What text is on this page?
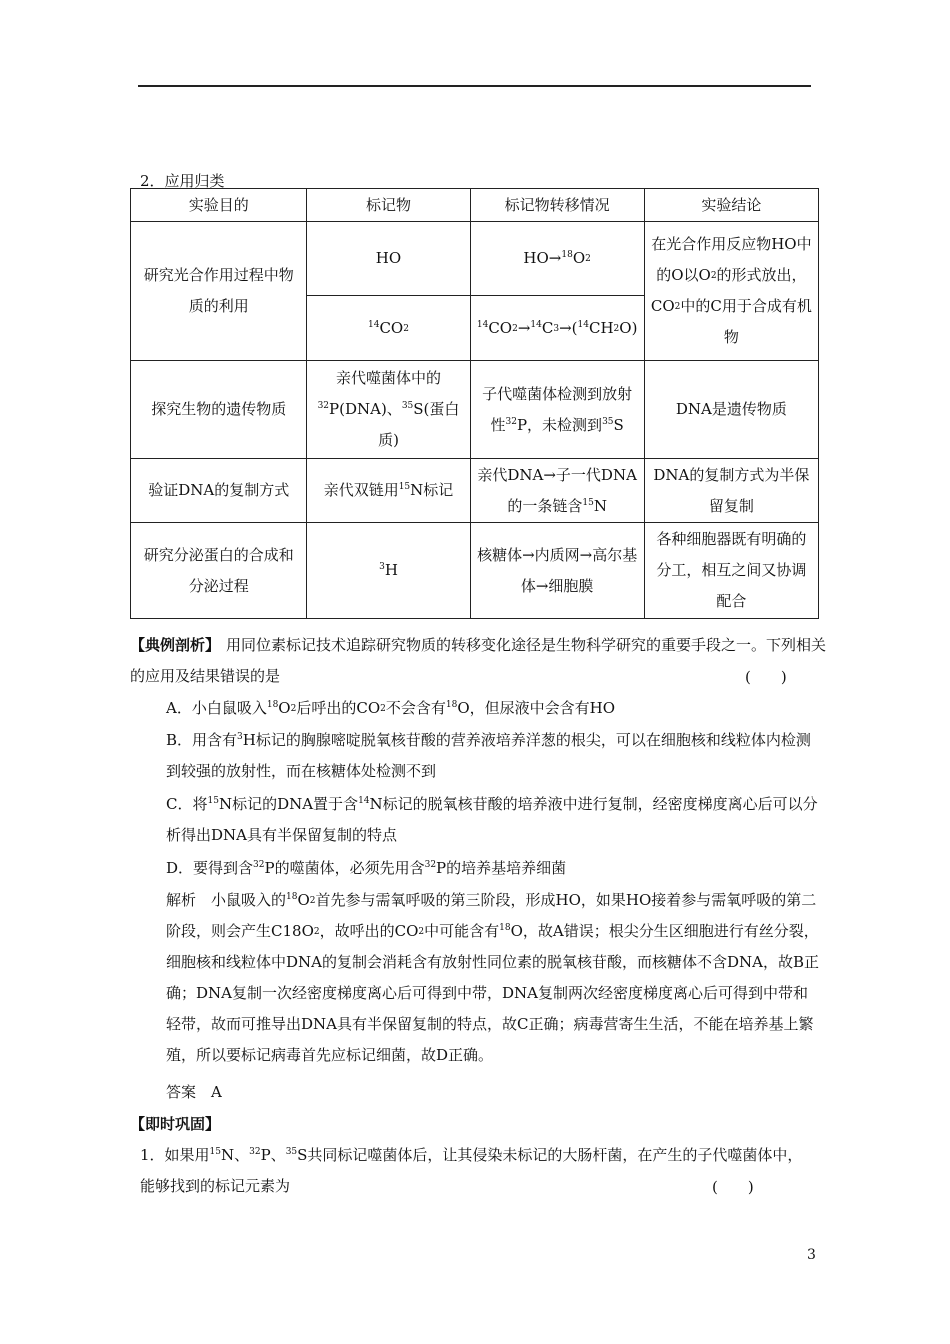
2．应用归类
实验目的	标记物	标记物转移情况	实验结论
研究光合作用过程中物质的利用	HO	$HO\to^{18}O_2$	在光合作用反应物HO中的O以$O_2$的形式放出，$CO_2$中的C用于合成有机物
	$^{14}CO_2$	$^{14}CO_2\to^{14}C_3\to(^{14}CH_2O)$	
探究生物的遗传物质	亲代噬菌体中的$^{32}$P(DNA)、$^{35}$S(蛋白质)	子代噬菌体检测到放射性$^{32}$P，未检测到$^{35}$S	DNA是遗传物质
验证DNA的复制方式	亲代双链用$^{15}$N标记	亲代DNA→子一代DNA的一条链含$^{15}$N	DNA的复制方式为半保留复制
研究分泌蛋白的合成和分泌过程	$^3$H	核糖体→内质网→高尔基体→细胞膜	各种细胞器既有明确的分工，相互之间又协调配合
【典例剖析】 用同位素标记技术追踪研究物质的转移变化途径是生物科学研究的重要手段之一。下列相关的应用及结果错误的是	(　　)
A．小白鼠吸入$^{18}O_2$后呼出的$CO_2$不会含有$^{18}$O，但尿液中会含有HO
B．用含有$^3$H标记的胸腺嘧啶脱氧核苷酸的营养液培养洋葱的根尖，可以在细胞核和线粒体内检测到较强的放射性，而在核糖体处检测不到
C．将$^{15}$N标记的DNA置于含$^{14}$N标记的脱氧核苷酸的培养液中进行复制，经密度梯度离心后可以分析得出DNA具有半保留复制的特点
D．要得到含$^{32}$P的噬菌体，必须先用含$^{32}$P的培养基培养细菌
解析　小鼠吸入的$^{18}O_2$首先参与需氧呼吸的第三阶段，形成HO，如果HO接着参与需氧呼吸的第二阶段，则会产生$C18O_2$，故呼出的$CO_2$中可能含有$^{18}$O，故A错误；根尖分生区细胞进行有丝分裂，细胞核和线粒体中DNA的复制会消耗含有放射性同位素的脱氧核苷酸，而核糖体不含DNA，故B正确；DNA复制一次经密度梯度离心后可得到中带，DNA复制两次经密度梯度离心后可得到中带和轻带，故而可推导出DNA具有半保留复制的特点，故C正确；病毒营寄生生活，不能在培养基上繁殖，所以要标记病毒首先应标记细菌，故D正确。
答案　A
【即时巩固】
1．如果用$^{15}$N、$^{32}$P、$^{35}$S共同标记噬菌体后，让其侵染未标记的大肠杆菌，在产生的子代噬菌体中，能够找到的标记元素为	(　　)
3
